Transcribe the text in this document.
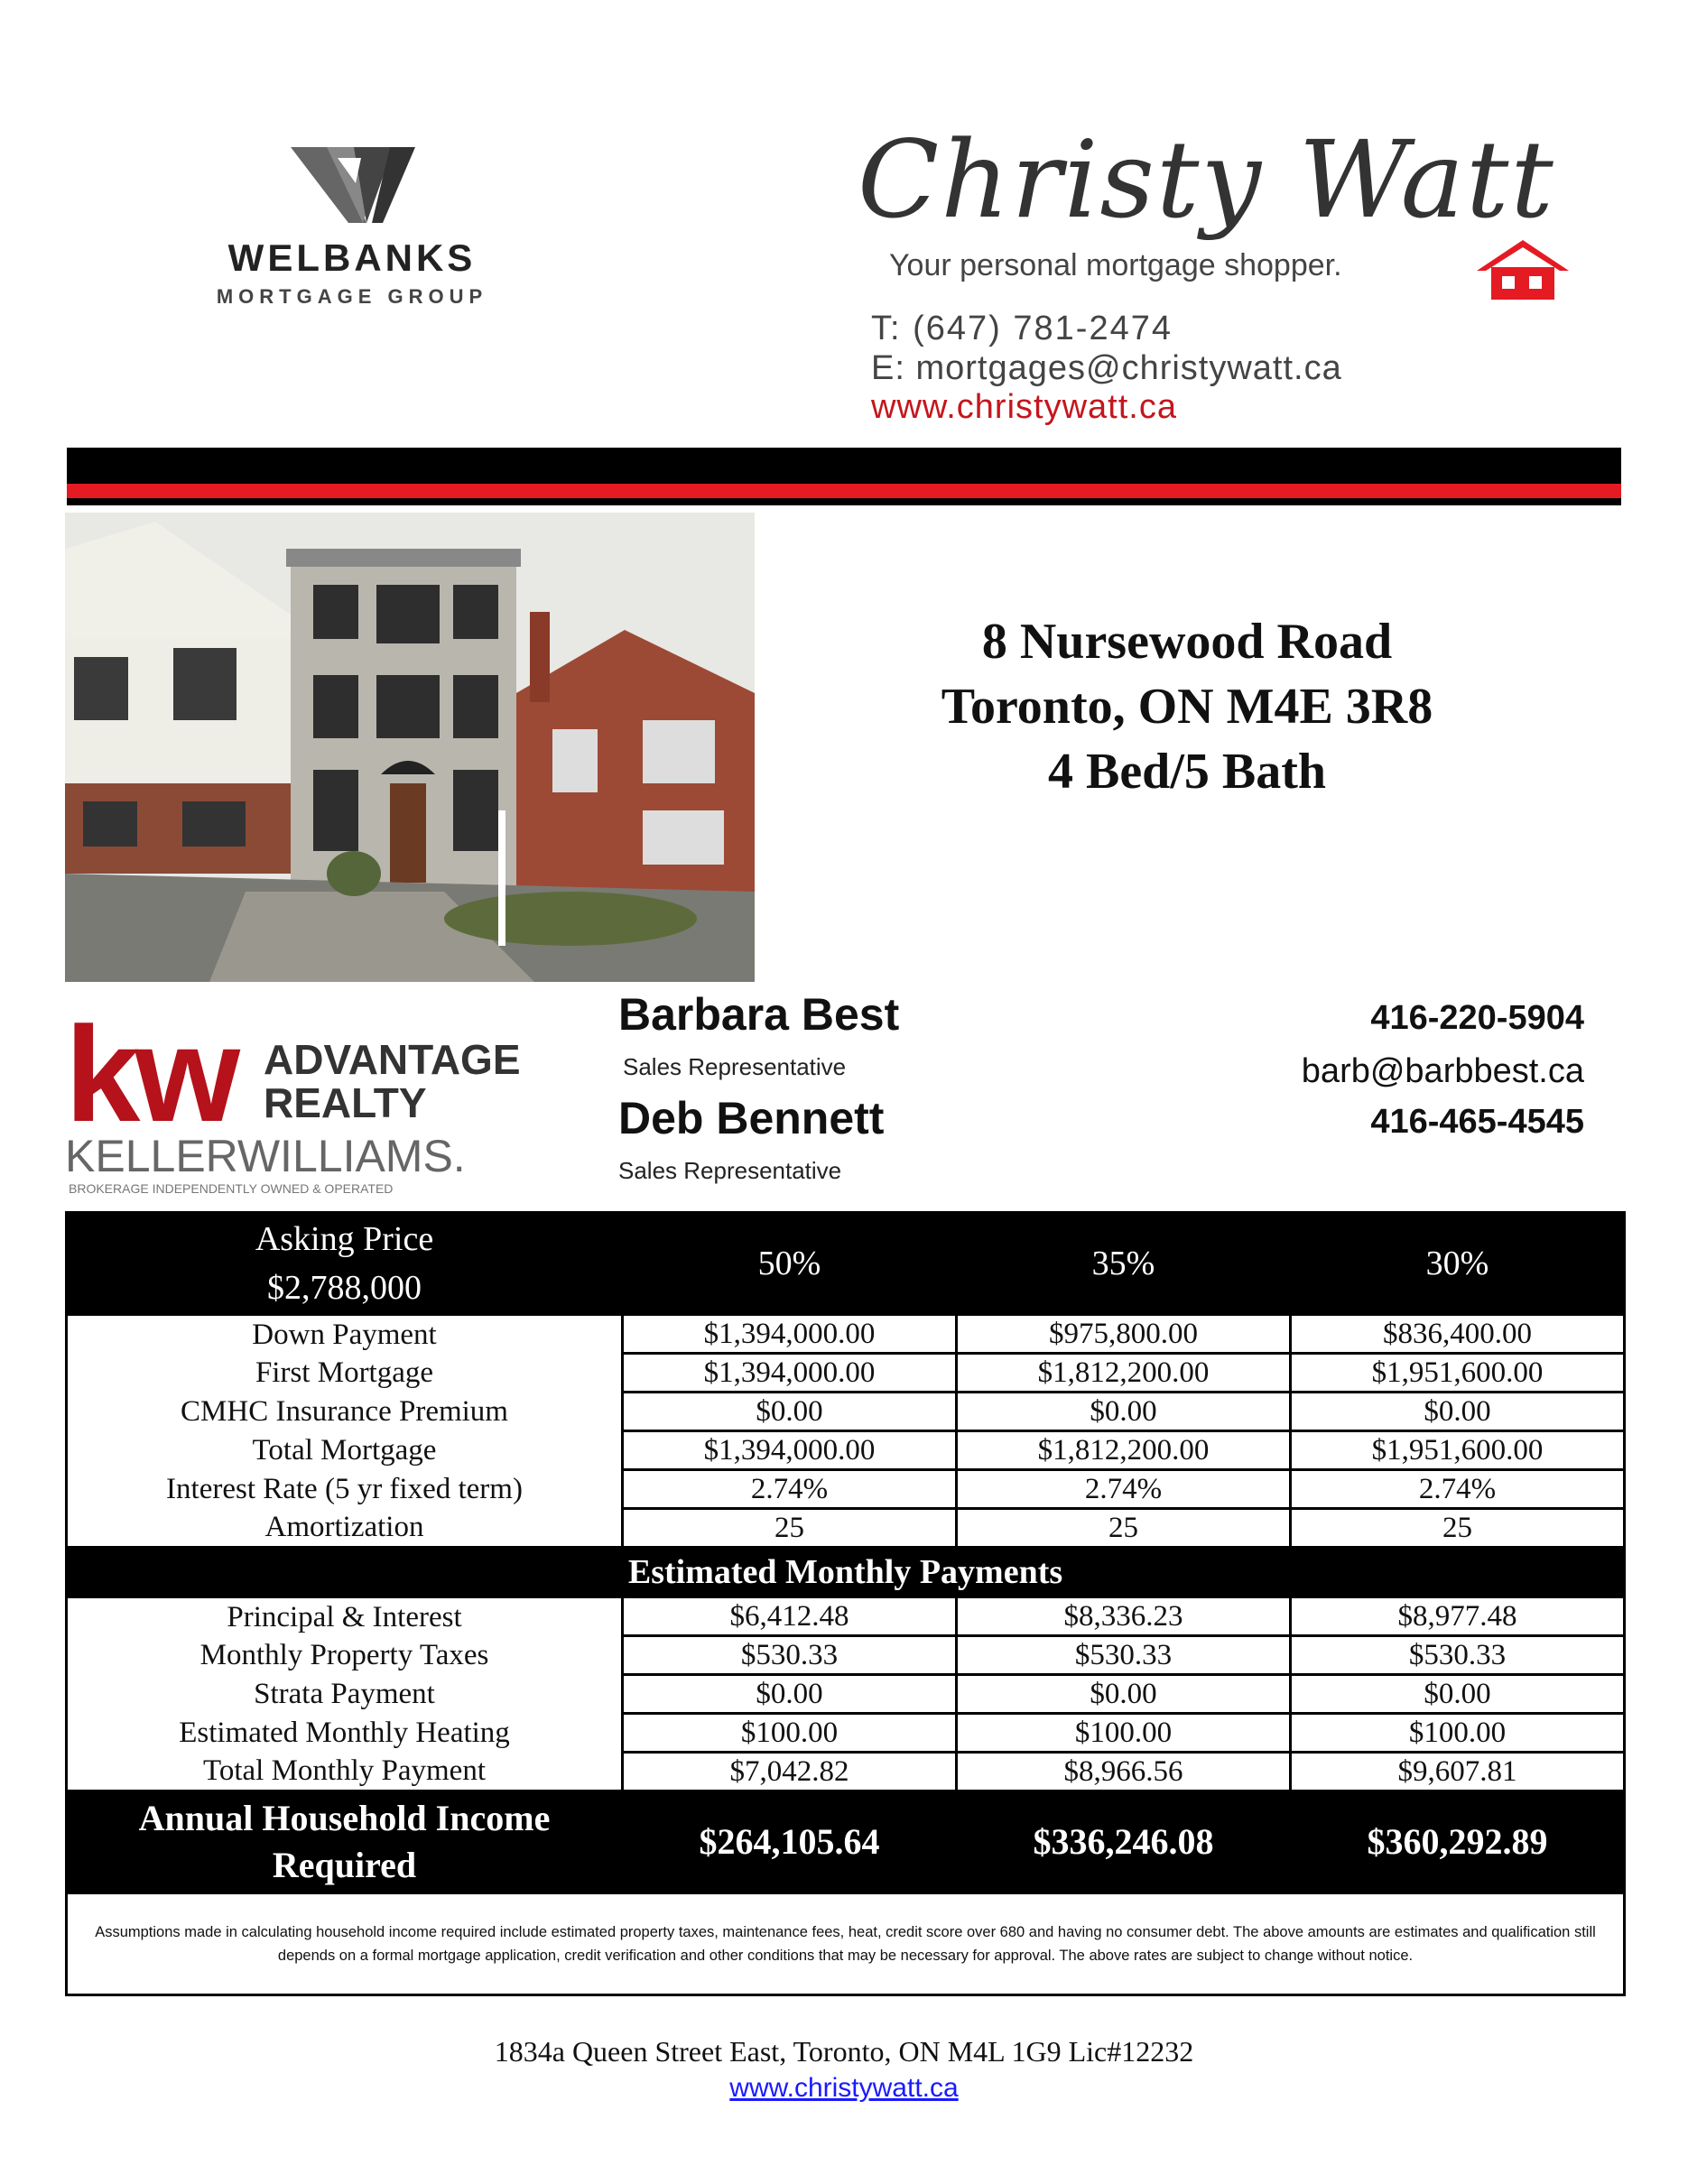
WELBANKS
MORTGAGE GROUP
Christy Watt
Your personal mortgage shopper.
T: (647) 781-2474
E: mortgages@christywatt.ca
www.christywatt.ca
8 Nursewood Road
Toronto, ON M4E 3R8
4 Bed/5 Bath
kw ADVANTAGE
REALTY
KELLERWILLIAMS.
BROKERAGE INDEPENDENTLY OWNED & OPERATED
Barbara Best
Sales Representative
Deb Bennett
Sales Representative
416-220-5904
barb@barbbest.ca
416-465-4545
Asking Price
$2,788,000	50%	35%	30%
Down Payment	$1,394,000.00	$975,800.00	$836,400.00
First Mortgage	$1,394,000.00	$1,812,200.00	$1,951,600.00
CMHC Insurance Premium	$0.00	$0.00	$0.00
Total Mortgage	$1,394,000.00	$1,812,200.00	$1,951,600.00
Interest Rate (5 yr fixed term)	2.74%	2.74%	2.74%
Amortization	25	25	25
Estimated Monthly Payments			
Principal & Interest	$6,412.48	$8,336.23	$8,977.48
Monthly Property Taxes	$530.33	$530.33	$530.33
Strata Payment	$0.00	$0.00	$0.00
Estimated Monthly Heating	$100.00	$100.00	$100.00
Total Monthly Payment	$7,042.82	$8,966.56	$9,607.81

Annual Household Income
Required	$264,105.64	$336,246.08	$360,292.89
Assumptions made in calculating household income required include estimated property taxes, maintenance fees, heat, credit score over 680 and having no consumer debt. The above amounts are estimates and qualification still depends on a formal mortgage application, credit verification and other conditions that may be necessary for approval. The above rates are subject to change without notice.			
1834a Queen Street East, Toronto, ON M4L 1G9 Lic#12232
www.christywatt.ca
